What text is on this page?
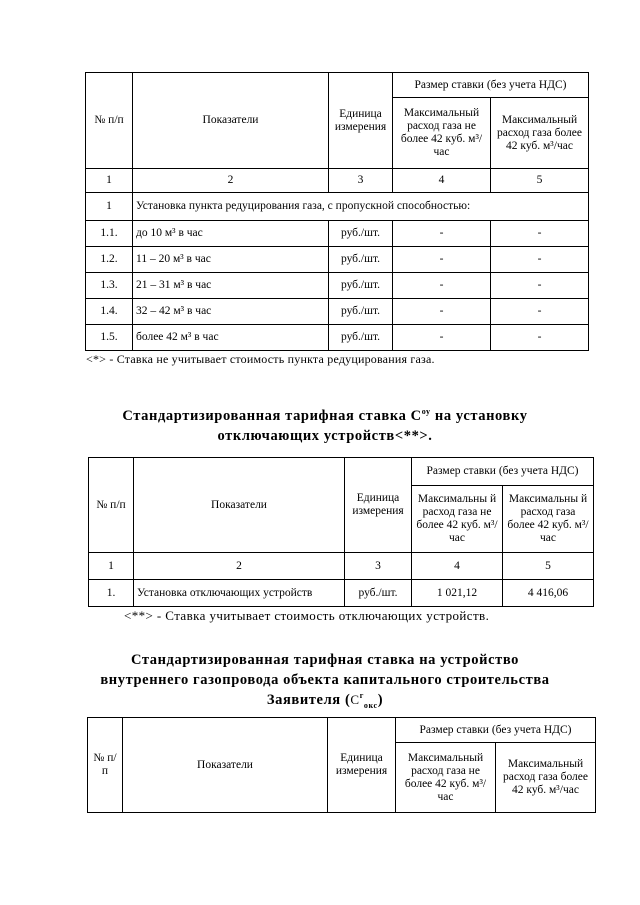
№ п/п	Показатели	Единица измерения	Размер ставки (без учета НДС)	
			Максимальный расход газа не более 42 куб. м³/час	Максимальный расход газа более 42 куб. м³/час
1	2	3	4	5
1	Установка пункта редуцирования газа, с пропускной способностью:			
1.1.	до 10 м³ в час	руб./шт.	-	-
1.2.	11 – 20 м³ в час	руб./шт.	-	-
1.3.	21 – 31 м³ в час	руб./шт.	-	-
1.4.	32 – 42 м³ в час	руб./шт.	-	-
1.5.	более 42 м³ в час	руб./шт.	-	-
<*> - Ставка не учитывает стоимость пункта редуцирования газа.
Стандартизированная тарифная ставка $C^{оу}$ на установку
отключающих устройств<**>.
№ п/п	Показатели	Единица измерения	Размер ставки (без учета НДС)	
			Максимальны й расход газа не более 42 куб. м³/час	Максимальны й расход газа более 42 куб. м³/час
1	2	3	4	5
1.	Установка отключающих устройств	руб./шт.	1 021,12	4 416,06
<**> - Ставка учитывает стоимость отключающих устройств.
Стандартизированная тарифная ставка на устройство
внутреннего газопровода объекта капитального строительства
Заявителя $(C^г_{окс})$
№ п/п	Показатели	Единица измерения	Размер ставки (без учета НДС)	
			Максимальный расход газа не более 42 куб. м³/час	Максимальный расход газа более 42 куб. м³/час
